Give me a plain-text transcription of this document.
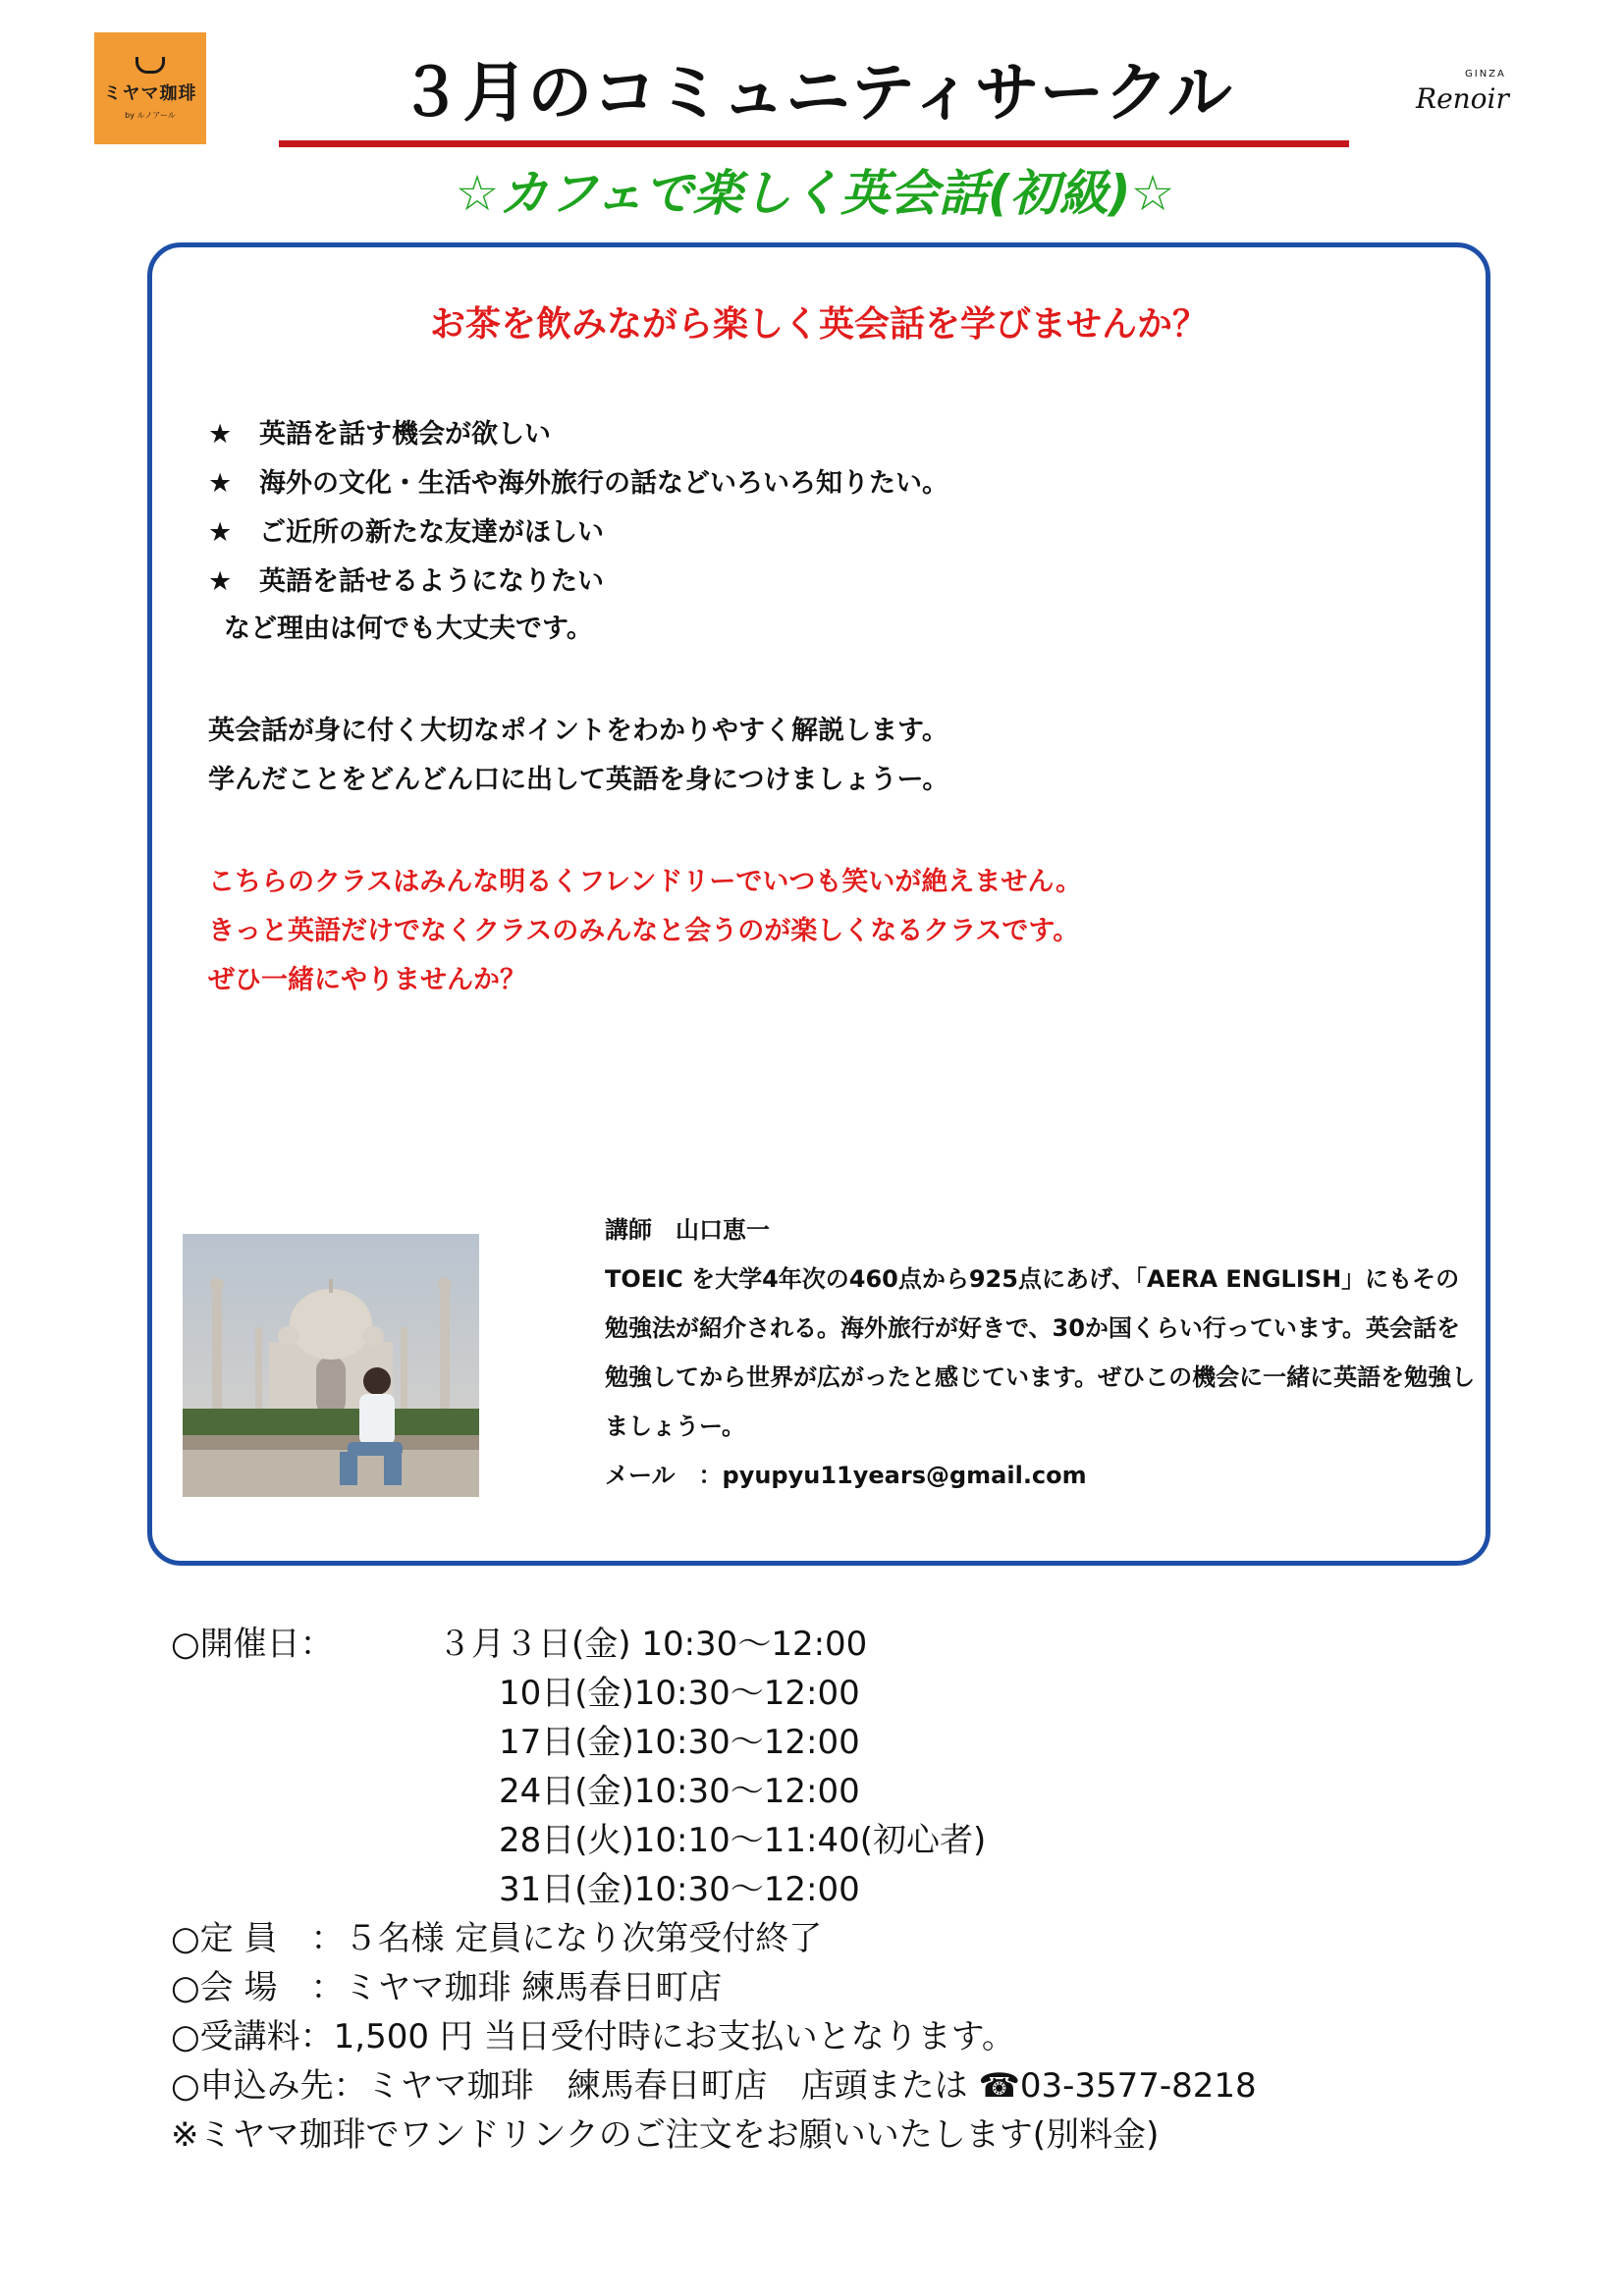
ミヤマ珈琲
by ルノアール
GINZA
Renoir
３月のコミュニティサークル
☆カフェで楽しく英会話(初級)☆
お茶を飲みながら楽しく英会話を学びませんか？
★ 英語を話す機会が欲しい
★ 海外の文化・生活や海外旅行の話などいろいろ知りたい。
★ ご近所の新たな友達がほしい
★ 英語を話せるようになりたい
など理由は何でも大丈夫です。

英会話が身に付く大切なポイントをわかりやすく解説します。

学んだことをどんどん口に出して英語を身につけましょうー。

こちらのクラスはみんな明るくフレンドリーでいつも笑いが絶えません。

きっと英語だけでなくクラスのみんなと会うのが楽しくなるクラスです。

ぜひ一緒にやりませんか？

講師　山口恵一

TOEIC を大学4年次の460点から925点にあげ、「AERA ENGLISH」にもその勉強法が紹介される。海外旅行が好きで、30か国くらい行っています。英会話を勉強してから世界が広がったと感じています。ぜひこの機会に一緒に英語を勉強しましょうー。

メール　：pyupyu11years@gmail.com

○開催日：	３月３日(金) 10:30～12:00
10日(金)10:30～12:00
17日(金)10:30～12:00
24日(金)10:30～12:00
28日(火)10:10～11:40(初心者)
31日(金)10:30～12:00
○定 員　：５名様 定員になり次第受付終了
○会 場　：ミヤマ珈琲 練馬春日町店
○受講料：1,500 円 当日受付時にお支払いとなります。
○申込み先：ミヤマ珈琲　練馬春日町店　店頭または ☎03-3577-8218
※ミヤマ珈琲でワンドリンクのご注文をお願いいたします(別料金)
